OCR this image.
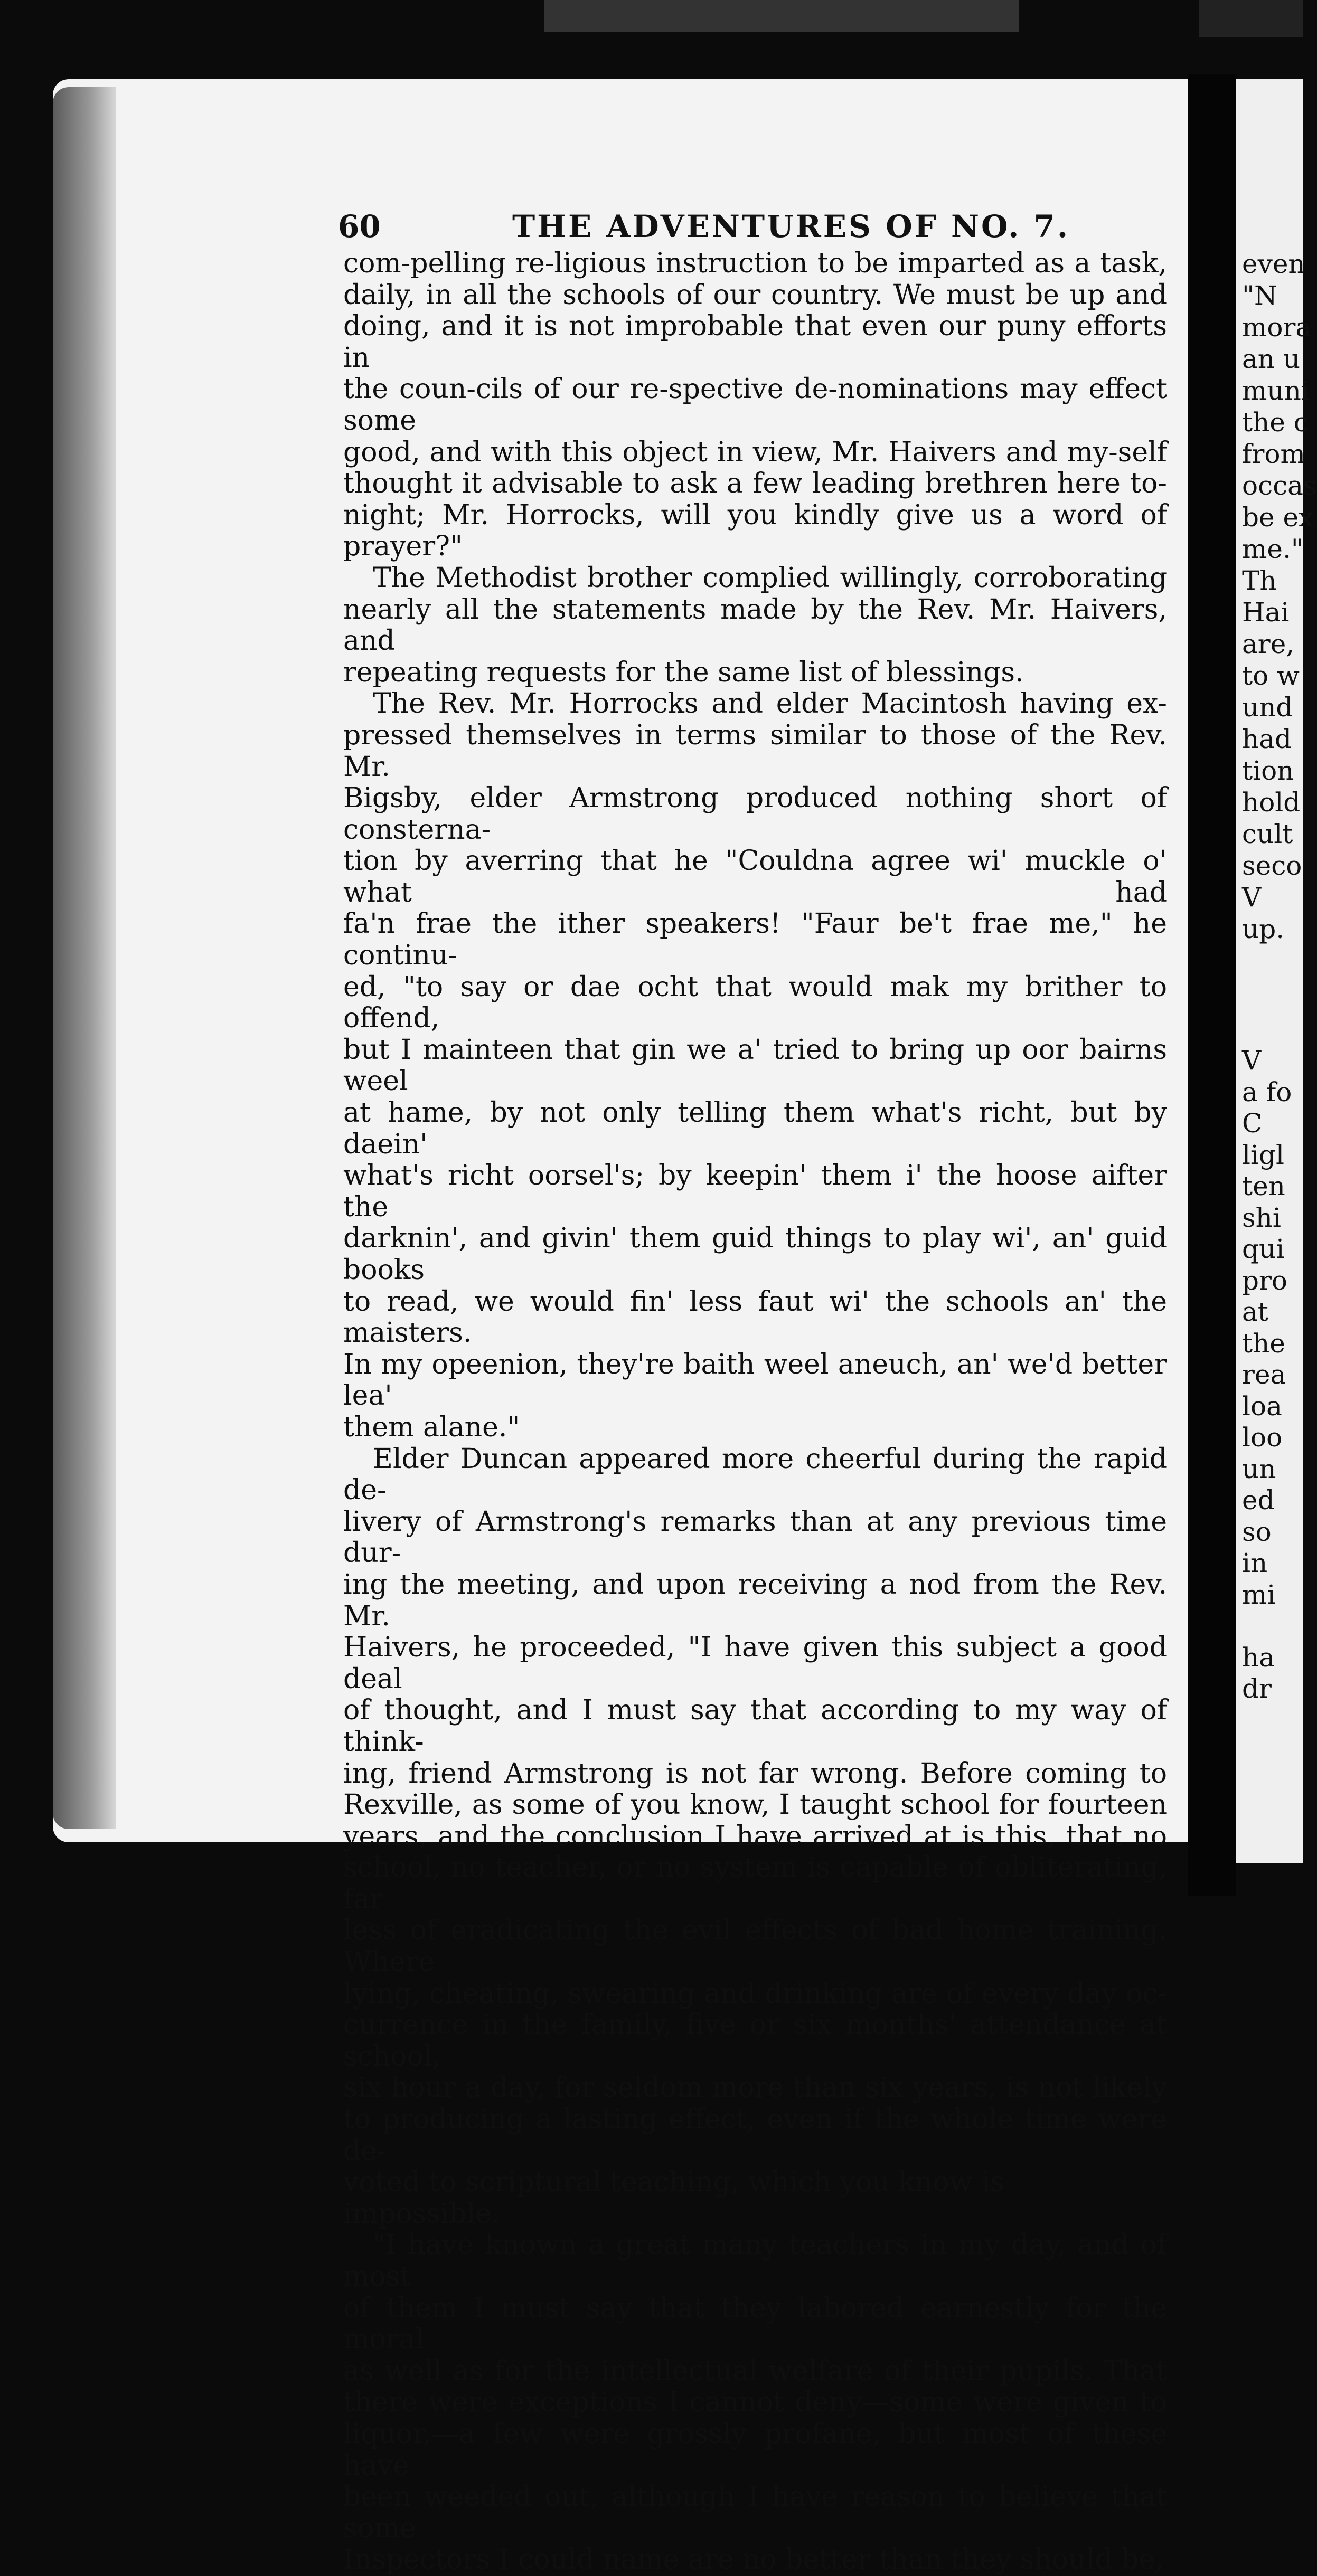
60	THE ADVENTURES OF NO. 7.
com-pelling re-ligious instruction to be imparted as a task,
daily, in all the schools of our country. We must be up and
doing, and it is not improbable that even our puny efforts in
the coun-cils of our re-spective de-nominations may effect some
good, and with this object in view, Mr. Haivers and my-self
thought it advisable to ask a few leading brethren here to-
night; Mr. Horrocks, will you kindly give us a word of
prayer?"
The Methodist brother complied willingly, corroborating
nearly all the statements made by the Rev. Mr. Haivers, and
repeating requests for the same list of blessings.
The Rev. Mr. Horrocks and elder Macintosh having ex-
pressed themselves in terms similar to those of the Rev. Mr.
Bigsby, elder Armstrong produced nothing short of consterna-
tion by averring that he "Couldna agree wi' muckle o' what had
fa'n frae the ither speakers! "Faur be't frae me," he continu-
ed, "to say or dae ocht that would mak my brither to offend,
but I mainteen that gin we a' tried to bring up oor bairns weel
at hame, by not only telling them what's richt, but by daein'
what's richt oorsel's; by keepin' them i' the hoose aifter the
darknin', and givin' them guid things to play wi', an' guid books
to read, we would fin' less faut wi' the schools an' the maisters.
In my opeenion, they're baith weel aneuch, an' we'd better lea'
them alane."
Elder Duncan appeared more cheerful during the rapid de-
livery of Armstrong's remarks than at any previous time dur-
ing the meeting, and upon receiving a nod from the Rev. Mr.
Haivers, he proceeded, "I have given this subject a good deal
of thought, and I must say that according to my way of think-
ing, friend Armstrong is not far wrong. Before coming to
Rexville, as some of you know, I taught school for fourteen
years, and the conclusion I have arrived at is this, that no
school, no teacher, or no system is capable of obliterating, far
less of eradicating the evil effects of bad home training. Where
lying, cheating, swearing and drinking are of every day oc-
currence in the family, five or six months' attendance at school,
six hour a day, for seldom more than six years, is not likely
to producing a lasting effect, even if the whole time were de-
voted to scriptural teaching, which you know is impossible.
"I have known a great many teachers in my day, and of most
of them I must say that they labored earnestly for the moral
as well as for the intellectual welfare of their pupils. That
there were exceptions I cannot deny—some were given to
liquor,—a few were grossly profane, but most of these have
been weeded out, although I have reason to believe that some
Inspectors I could name are no better than they should be,
even
"N
mora
an u
muni
the c
from
occas
be ex
me."
Th
Hai
are,
to w
und
had
tion
hold
cult
seco
V
up.
V
a fo
C
ligl
ten
shi
qui
pro
at
the
rea
loa
loo
un
ed
so
in
mi

ha
dr
